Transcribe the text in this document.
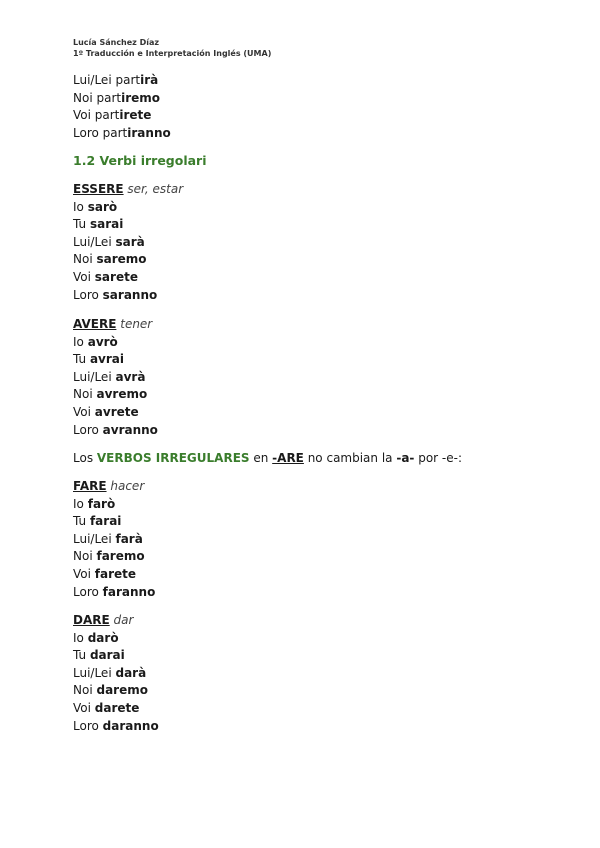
Lucía Sánchez Díaz
1º Traducción e Interpretación Inglés (UMA)
Lui/Lei partirà
Noi partiremo
Voi partirete
Loro partiranno
1.2 Verbi irregolari
ESSERE ser, estar
Io sarò
Tu sarai
Lui/Lei sarà
Noi saremo
Voi sarete
Loro saranno
AVERE tener
Io avrò
Tu avrai
Lui/Lei avrà
Noi avremo
Voi avrete
Loro avranno
Los VERBOS IRREGULARES en -ARE no cambian la -a- por -e-:
FARE hacer
Io farò
Tu farai
Lui/Lei farà
Noi faremo
Voi farete
Loro faranno
DARE dar
Io darò
Tu darai
Lui/Lei darà
Noi daremo
Voi darete
Loro daranno
